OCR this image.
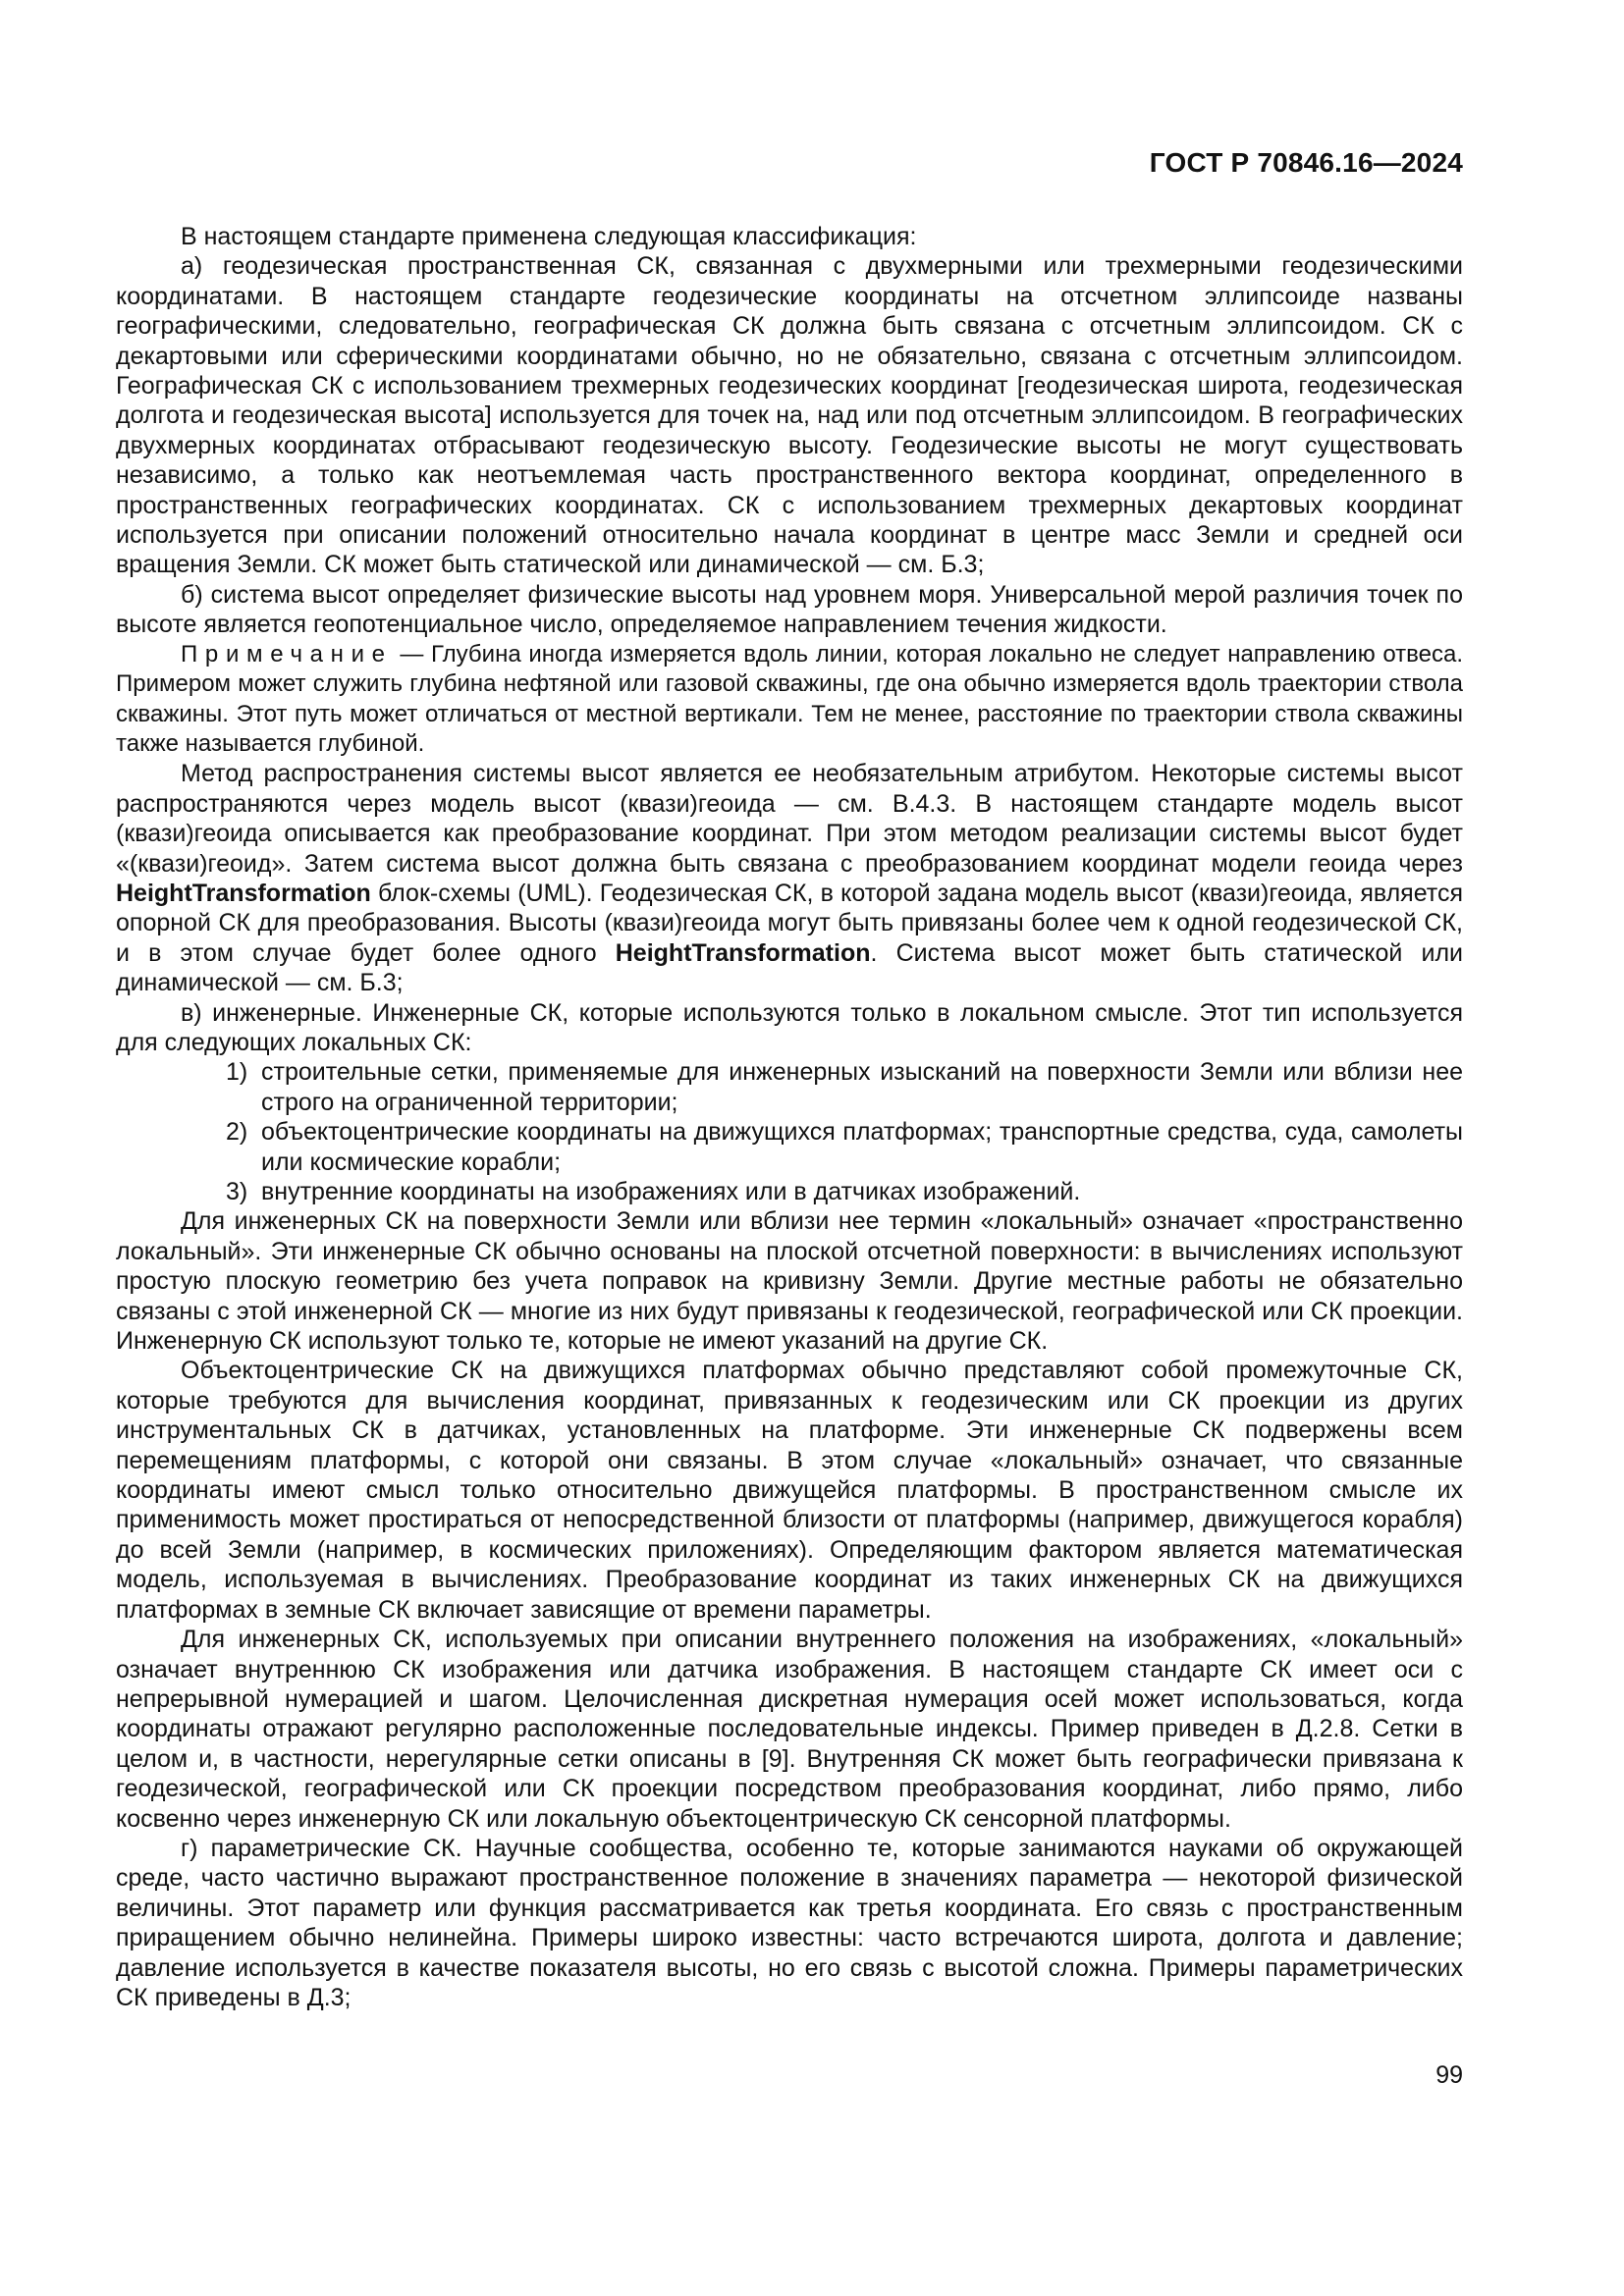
ГОСТ Р 70846.16—2024

В настоящем стандарте применена следующая классификация:

а) геодезическая пространственная СК, связанная с двухмерными или трехмерными геодезическими координатами. В настоящем стандарте геодезические координаты на отсчетном эллипсоиде названы географическими, следовательно, географическая СК должна быть связана с отсчетным эллипсоидом. СК с декартовыми или сферическими координатами обычно, но не обязательно, связана с отсчетным эллипсоидом. Географическая СК с использованием трехмерных геодезических координат [геодезическая широта, геодезическая долгота и геодезическая высота] используется для точек на, над или под отсчетным эллипсоидом. В географических двухмерных координатах отбрасывают геодезическую высоту. Геодезические высоты не могут существовать независимо, а только как неотъемлемая часть пространственного вектора координат, определенного в пространственных географических координатах. СК с использованием трехмерных декартовых координат используется при описании положений относительно начала координат в центре масс Земли и средней оси вращения Земли. СК может быть статической или динамической — см. Б.3;

б) система высот определяет физические высоты над уровнем моря. Универсальной мерой различия точек по высоте является геопотенциальное число, определяемое направлением течения жидкости.

Примечание — Глубина иногда измеряется вдоль линии, которая локально не следует направлению отвеса. Примером может служить глубина нефтяной или газовой скважины, где она обычно измеряется вдоль траектории ствола скважины. Этот путь может отличаться от местной вертикали. Тем не менее, расстояние по траектории ствола скважины также называется глубиной.

Метод распространения системы высот является ее необязательным атрибутом. Некоторые системы высот распространяются через модель высот (квази)геоида — см. В.4.3. В настоящем стандарте модель высот (квази)геоида описывается как преобразование координат. При этом методом реализации системы высот будет «(квази)геоид». Затем система высот должна быть связана с преобразованием координат модели геоида через HeightTransformation блок-схемы (UML). Геодезическая СК, в которой задана модель высот (квази)геоида, является опорной СК для преобразования. Высоты (квази)геоида могут быть привязаны более чем к одной геодезической СК, и в этом случае будет более одного HeightTransformation. Система высот может быть статической или динамической — см. Б.3;

в) инженерные. Инженерные СК, которые используются только в локальном смысле. Этот тип используется для следующих локальных СК:

1) строительные сетки, применяемые для инженерных изысканий на поверхности Земли или вблизи нее строго на ограниченной территории;
2) объектоцентрические координаты на движущихся платформах; транспортные средства, суда, самолеты или космические корабли;
3) внутренние координаты на изображениях или в датчиках изображений.

Для инженерных СК на поверхности Земли или вблизи нее термин «локальный» означает «пространственно локальный». Эти инженерные СК обычно основаны на плоской отсчетной поверхности: в вычислениях используют простую плоскую геометрию без учета поправок на кривизну Земли. Другие местные работы не обязательно связаны с этой инженерной СК — многие из них будут привязаны к геодезической, географической или СК проекции. Инженерную СК используют только те, которые не имеют указаний на другие СК.

Объектоцентрические СК на движущихся платформах обычно представляют собой промежуточные СК, которые требуются для вычисления координат, привязанных к геодезическим или СК проекции из других инструментальных СК в датчиках, установленных на платформе. Эти инженерные СК подвержены всем перемещениям платформы, с которой они связаны. В этом случае «локальный» означает, что связанные координаты имеют смысл только относительно движущейся платформы. В пространственном смысле их применимость может простираться от непосредственной близости от платформы (например, движущегося корабля) до всей Земли (например, в космических приложениях). Определяющим фактором является математическая модель, используемая в вычислениях. Преобразование координат из таких инженерных СК на движущихся платформах в земные СК включает зависящие от времени параметры.

Для инженерных СК, используемых при описании внутреннего положения на изображениях, «локальный» означает внутреннюю СК изображения или датчика изображения. В настоящем стандарте СК имеет оси с непрерывной нумерацией и шагом. Целочисленная дискретная нумерация осей может использоваться, когда координаты отражают регулярно расположенные последовательные индексы. Пример приведен в Д.2.8. Сетки в целом и, в частности, нерегулярные сетки описаны в [9]. Внутренняя СК может быть географически привязана к геодезической, географической или СК проекции посредством преобразования координат, либо прямо, либо косвенно через инженерную СК или локальную объектоцентрическую СК сенсорной платформы.

г) параметрические СК. Научные сообщества, особенно те, которые занимаются науками об окружающей среде, часто частично выражают пространственное положение в значениях параметра — некоторой физической величины. Этот параметр или функция рассматривается как третья координата. Его связь с пространственным приращением обычно нелинейна. Примеры широко известны: часто встречаются широта, долгота и давление; давление используется в качестве показателя высоты, но его связь с высотой сложна. Примеры параметрических СК приведены в Д.3;

99
